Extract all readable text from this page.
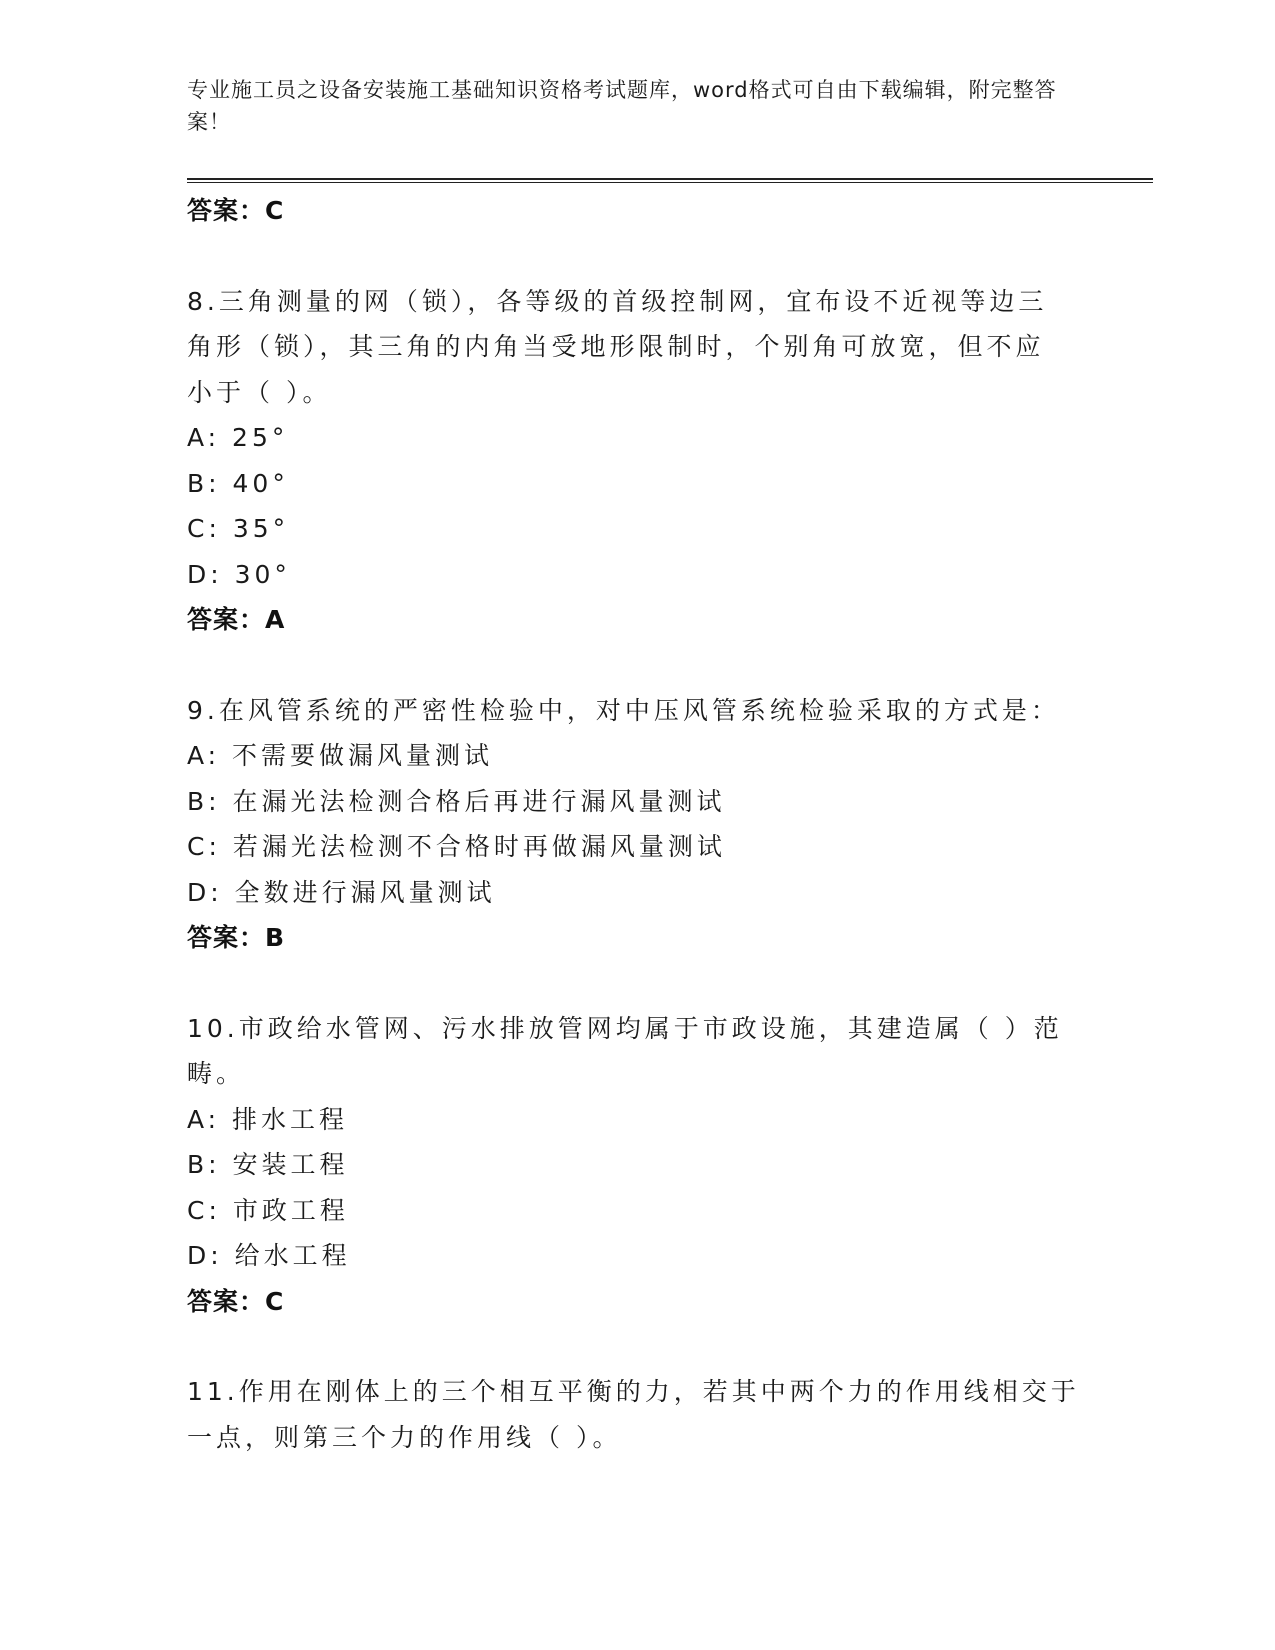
专业施工员之设备安装施工基础知识资格考试题库，word格式可自由下载编辑，附完整答案！
答案：C
8.三角测量的网（锁），各等级的首级控制网，宜布设不近视等边三
角形（锁），其三角的内角当受地形限制时，个别角可放宽，但不应
小于（ ）。
A: 25°
B: 40°
C: 35°
D: 30°
答案：A
9.在风管系统的严密性检验中，对中压风管系统检验采取的方式是：
A: 不需要做漏风量测试
B: 在漏光法检测合格后再进行漏风量测试
C: 若漏光法检测不合格时再做漏风量测试
D: 全数进行漏风量测试
答案：B
10.市政给水管网、污水排放管网均属于市政设施，其建造属（ ）范
畴。
A: 排水工程
B: 安装工程
C: 市政工程
D: 给水工程
答案：C
11.作用在刚体上的三个相互平衡的力，若其中两个力的作用线相交于
一点，则第三个力的作用线（ ）。
